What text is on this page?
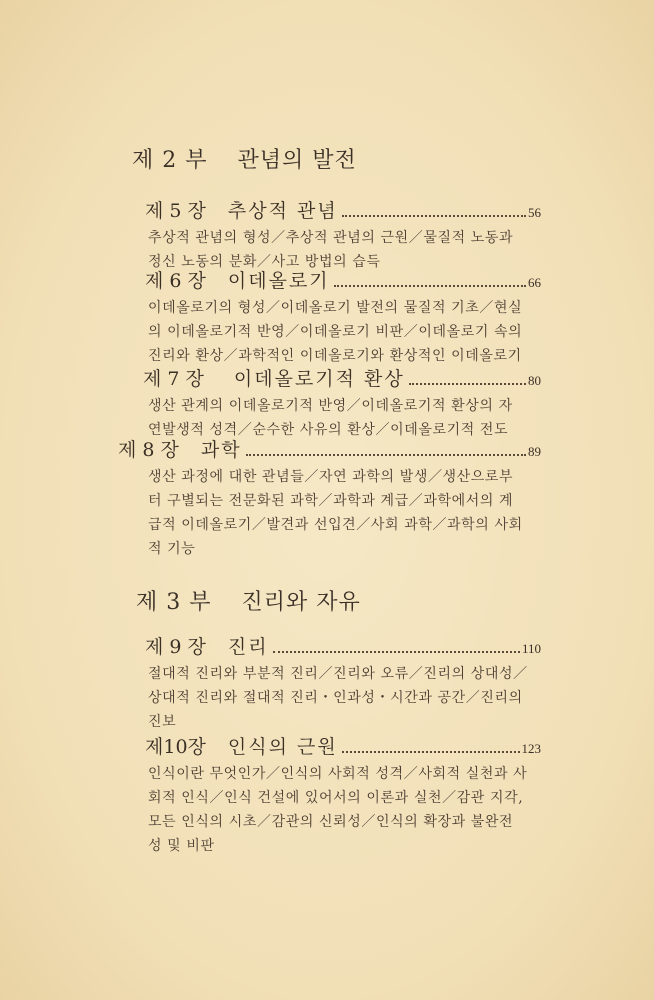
제 2 부 관념의 발전
제 5 장 추상적 관념	56
추상적 관념의 형성／추상적 관념의 근원／물질적 노동과
정신 노동의 분화／사고 방법의 습득
제 6 장 이데올로기	66
이데올로기의 형성／이데올로기 발전의 물질적 기초／현실
의 이데올로기적 반영／이데올로기 비판／이데올로기 속의
진리와 환상／과학적인 이데올로기와 환상적인 이데올로기
제 7 장 이데올로기적 환상	80
생산 관계의 이데올로기적 반영／이데올로기적 환상의 자
연발생적 성격／순수한 사유의 환상／이데올로기적 전도
제 8 장 과학	89
생산 과정에 대한 관념들／자연 과학의 발생／생산으로부
터 구별되는 전문화된 과학／과학과 계급／과학에서의 계
급적 이데올로기／발견과 선입견／사회 과학／과학의 사회
적 기능
제 3 부 진리와 자유
제 9 장 진리	110
절대적 진리와 부분적 진리／진리와 오류／진리의 상대성／
상대적 진리와 절대적 진리・인과성・시간과 공간／진리의
진보
제10장 인식의 근원	123
인식이란 무엇인가／인식의 사회적 성격／사회적 실천과 사
회적 인식／인식 건설에 있어서의 이론과 실천／감관 지각,
모든 인식의 시초／감관의 신뢰성／인식의 확장과 불완전
성 및 비판
